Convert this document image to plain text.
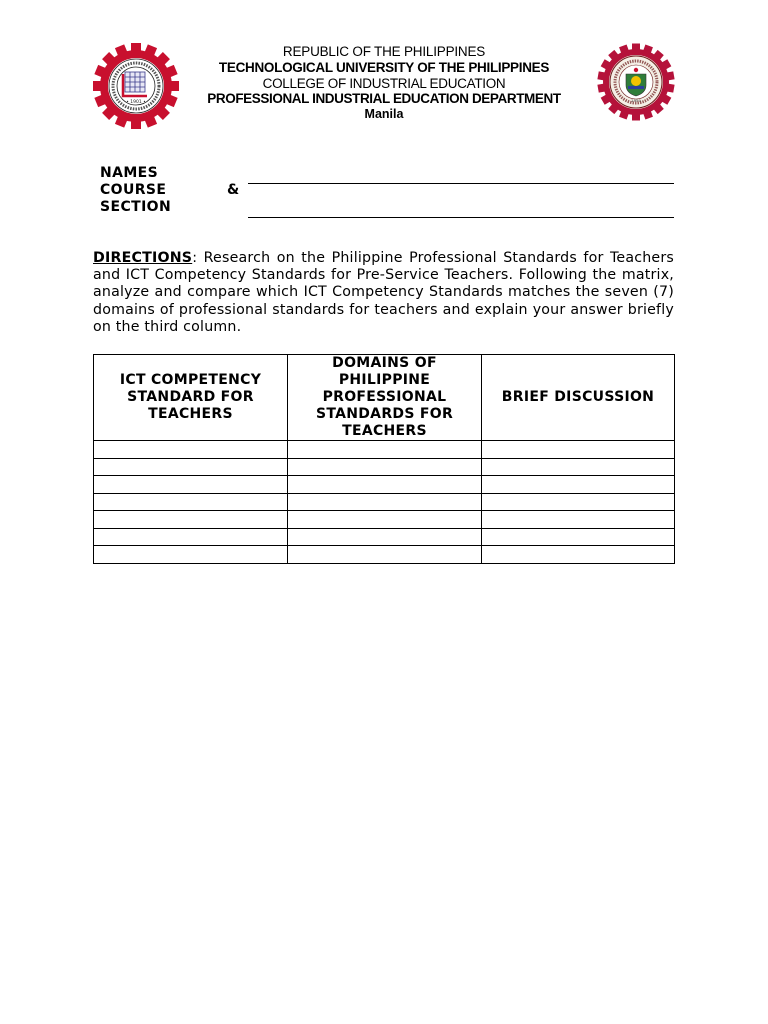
• 1901 •
REPUBLIC OF THE PHILIPPINES
TECHNOLOGICAL UNIVERSITY OF THE PHILIPPINES
COLLEGE OF INDUSTRIAL EDUCATION
PROFESSIONAL INDUSTRIAL EDUCATION DEPARTMENT
Manila
1959
NAMES
COURSE
SECTION
&
DIRECTIONS: Research on the Philippine Professional Standards for Teachers and ICT Competency Standards for Pre-Service Teachers. Following the matrix, analyze and compare which ICT Competency Standards matches the seven (7) domains of professional standards for teachers and explain your answer briefly on the third column.
ICT COMPETENCY STANDARD FOR TEACHERS	DOMAINS OF PHILIPPINE PROFESSIONAL STANDARDS FOR TEACHERS	BRIEF DISCUSSION
